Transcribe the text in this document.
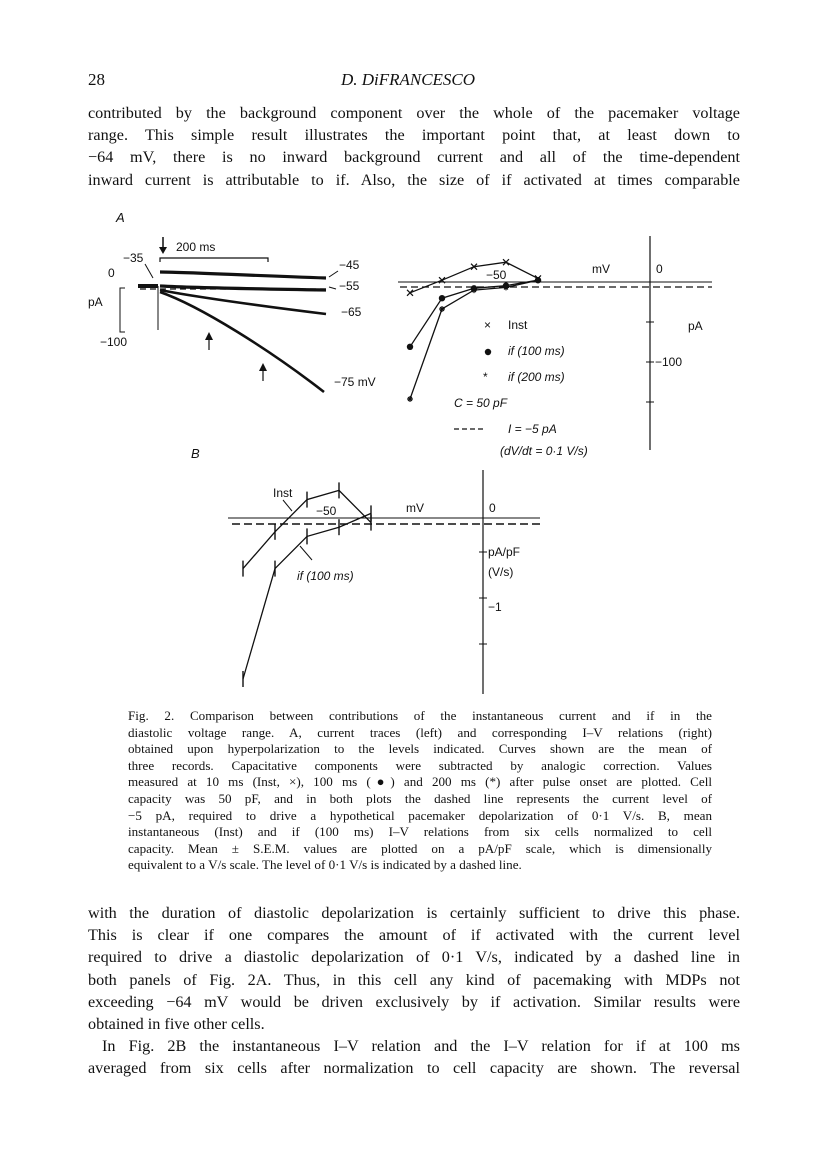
28	D. DiFRANCESCO

contributed by the background component over the whole of the pacemaker voltage
range. This simple result illustrates the important point that, at least down to
−64 mV, there is no inward background current and all of the time-dependent
inward current is attributable to if. Also, the size of if activated at times comparable

A
−35
0
pA
−100
200 ms
−45
−55
−65
−75 mV
−50	mV	0
pA
−100
× Inst
if (100 ms)
* if (200 ms)
C = 50 pF
I = −5 pA
(dV/dt = 0·1 V/s)
B
Inst
−50	mV	0
pA/pF
(V/s)
−1
if (100 ms)

Fig. 2. Comparison between contributions of the instantaneous current and if in the
diastolic voltage range. A, current traces (left) and corresponding I–V relations (right)
obtained upon hyperpolarization to the levels indicated. Curves shown are the mean of
three records. Capacitative components were subtracted by analogic correction. Values
measured at 10 ms (Inst, ×), 100 ms (●) and 200 ms (*) after pulse onset are plotted. Cell
capacity was 50 pF, and in both plots the dashed line represents the current level of
−5 pA, required to drive a hypothetical pacemaker depolarization of 0·1 V/s. B, mean
instantaneous (Inst) and if (100 ms) I–V relations from six cells normalized to cell
capacity. Mean ± S.E.M. values are plotted on a pA/pF scale, which is dimensionally
equivalent to a V/s scale. The level of 0·1 V/s is indicated by a dashed line.

with the duration of diastolic depolarization is certainly sufficient to drive this phase.
This is clear if one compares the amount of if activated with the current level
required to drive a diastolic depolarization of 0·1 V/s, indicated by a dashed line in
both panels of Fig. 2A. Thus, in this cell any kind of pacemaking with MDPs not
exceeding −64 mV would be driven exclusively by if activation. Similar results were
obtained in five other cells.
In Fig. 2B the instantaneous I–V relation and the I–V relation for if at 100 ms
averaged from six cells after normalization to cell capacity are shown. The reversal
